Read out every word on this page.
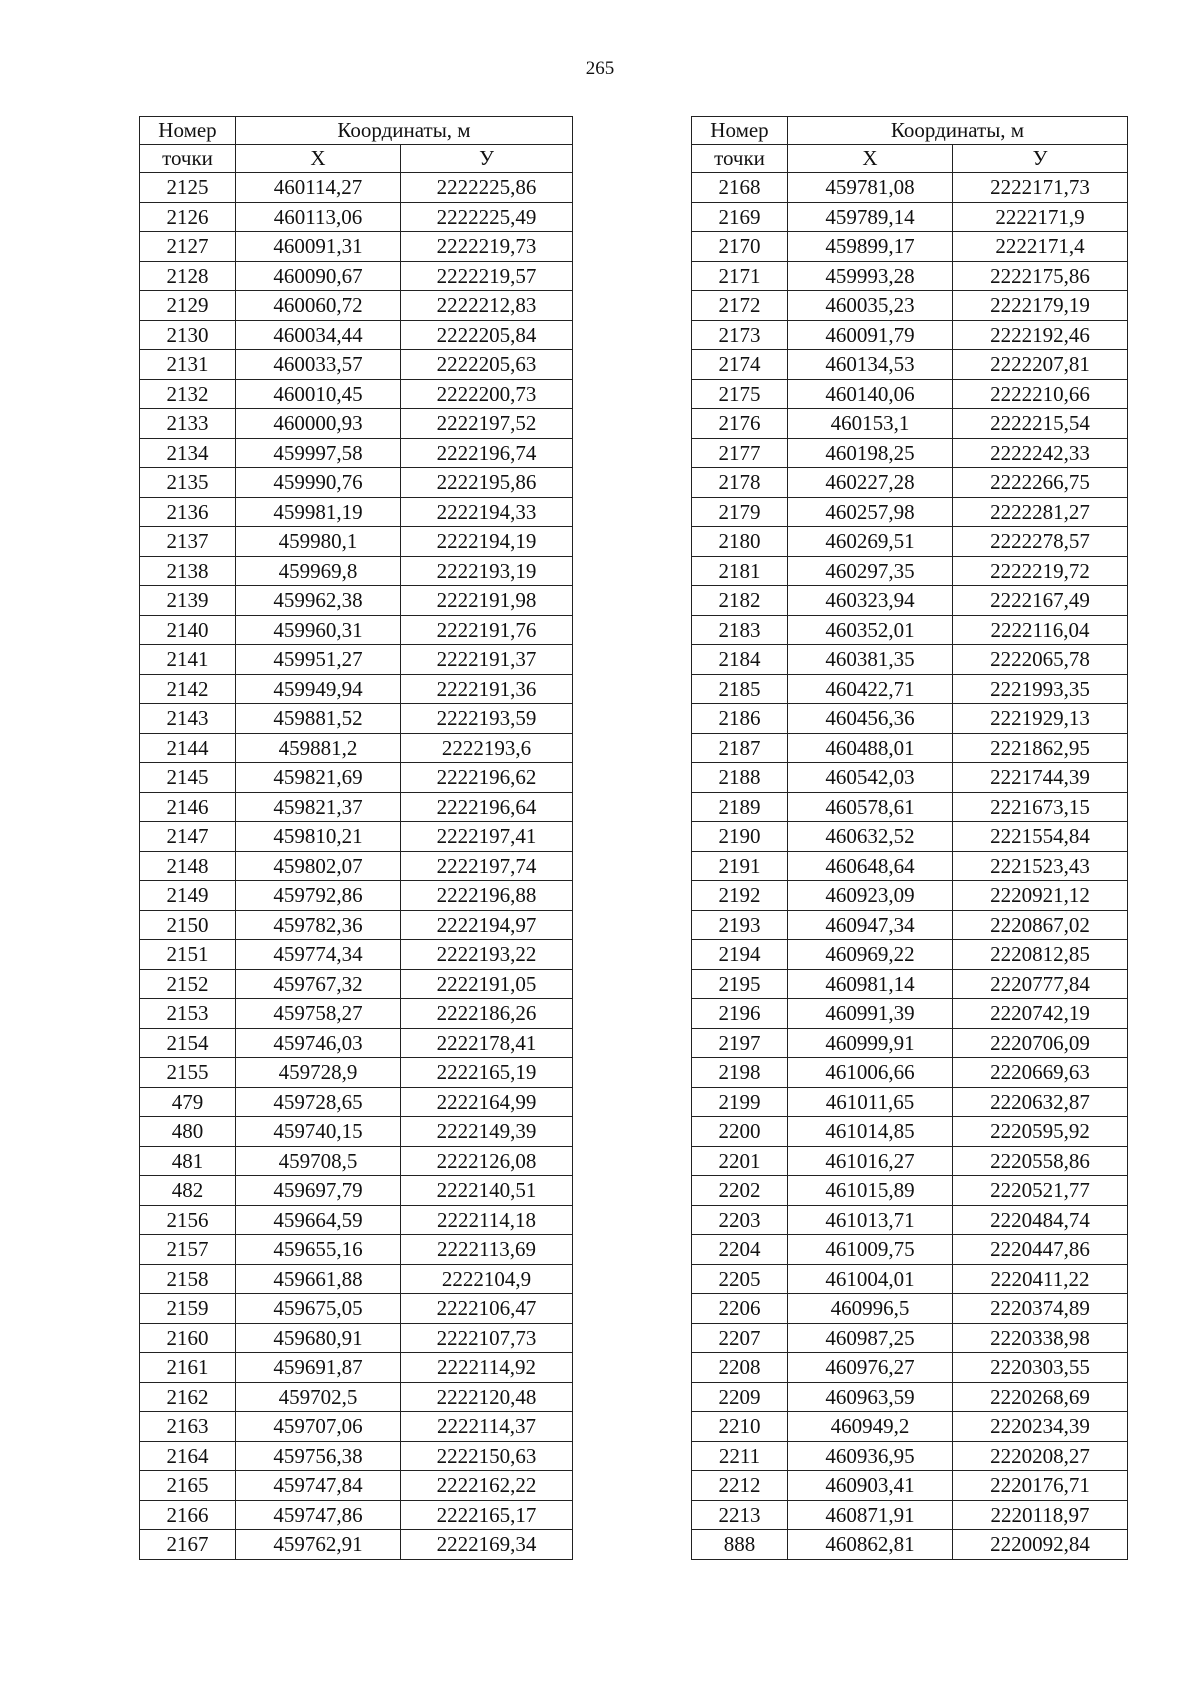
265
Номер	Координаты, м	
точки	X	У
2125	460114,27	2222225,86
2126	460113,06	2222225,49
2127	460091,31	2222219,73
2128	460090,67	2222219,57
2129	460060,72	2222212,83
2130	460034,44	2222205,84
2131	460033,57	2222205,63
2132	460010,45	2222200,73
2133	460000,93	2222197,52
2134	459997,58	2222196,74
2135	459990,76	2222195,86
2136	459981,19	2222194,33
2137	459980,1	2222194,19
2138	459969,8	2222193,19
2139	459962,38	2222191,98
2140	459960,31	2222191,76
2141	459951,27	2222191,37
2142	459949,94	2222191,36
2143	459881,52	2222193,59
2144	459881,2	2222193,6
2145	459821,69	2222196,62
2146	459821,37	2222196,64
2147	459810,21	2222197,41
2148	459802,07	2222197,74
2149	459792,86	2222196,88
2150	459782,36	2222194,97
2151	459774,34	2222193,22
2152	459767,32	2222191,05
2153	459758,27	2222186,26
2154	459746,03	2222178,41
2155	459728,9	2222165,19
479	459728,65	2222164,99
480	459740,15	2222149,39
481	459708,5	2222126,08
482	459697,79	2222140,51
2156	459664,59	2222114,18
2157	459655,16	2222113,69
2158	459661,88	2222104,9
2159	459675,05	2222106,47
2160	459680,91	2222107,73
2161	459691,87	2222114,92
2162	459702,5	2222120,48
2163	459707,06	2222114,37
2164	459756,38	2222150,63
2165	459747,84	2222162,22
2166	459747,86	2222165,17
2167	459762,91	2222169,34
Номер	Координаты, м	
точки	X	У
2168	459781,08	2222171,73
2169	459789,14	2222171,9
2170	459899,17	2222171,4
2171	459993,28	2222175,86
2172	460035,23	2222179,19
2173	460091,79	2222192,46
2174	460134,53	2222207,81
2175	460140,06	2222210,66
2176	460153,1	2222215,54
2177	460198,25	2222242,33
2178	460227,28	2222266,75
2179	460257,98	2222281,27
2180	460269,51	2222278,57
2181	460297,35	2222219,72
2182	460323,94	2222167,49
2183	460352,01	2222116,04
2184	460381,35	2222065,78
2185	460422,71	2221993,35
2186	460456,36	2221929,13
2187	460488,01	2221862,95
2188	460542,03	2221744,39
2189	460578,61	2221673,15
2190	460632,52	2221554,84
2191	460648,64	2221523,43
2192	460923,09	2220921,12
2193	460947,34	2220867,02
2194	460969,22	2220812,85
2195	460981,14	2220777,84
2196	460991,39	2220742,19
2197	460999,91	2220706,09
2198	461006,66	2220669,63
2199	461011,65	2220632,87
2200	461014,85	2220595,92
2201	461016,27	2220558,86
2202	461015,89	2220521,77
2203	461013,71	2220484,74
2204	461009,75	2220447,86
2205	461004,01	2220411,22
2206	460996,5	2220374,89
2207	460987,25	2220338,98
2208	460976,27	2220303,55
2209	460963,59	2220268,69
2210	460949,2	2220234,39
2211	460936,95	2220208,27
2212	460903,41	2220176,71
2213	460871,91	2220118,97
888	460862,81	2220092,84
